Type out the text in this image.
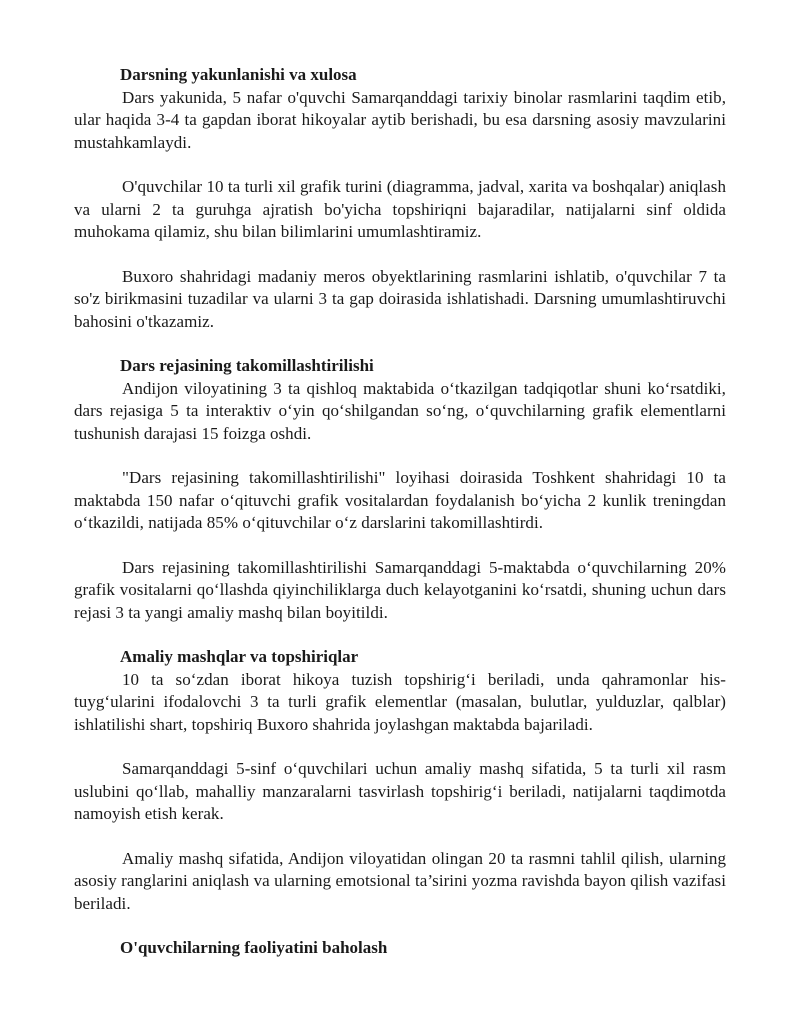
Darsning yakunlanishi va xulosa

Dars yakunida, 5 nafar o'quvchi Samarqanddagi tarixiy binolar rasmlarini taqdim etib, ular haqida 3-4 ta gapdan iborat hikoyalar aytib berishadi, bu esa darsning asosiy mavzularini mustahkamlaydi.

O'quvchilar 10 ta turli xil grafik turini (diagramma, jadval, xarita va boshqalar) aniqlash va ularni 2 ta guruhga ajratish bo'yicha topshiriqni bajaradilar, natijalarni sinf oldida muhokama qilamiz, shu bilan bilimlarini umumlashtiramiz.

Buxoro shahridagi madaniy meros obyektlarining rasmlarini ishlatib, o'quvchilar 7 ta so'z birikmasini tuzadilar va ularni 3 ta gap doirasida ishlatishadi. Darsning umumlashtiruvchi bahosini o'tkazamiz.

Dars rejasining takomillashtirilishi

Andijon viloyatining 3 ta qishloq maktabida oʻtkazilgan tadqiqotlar shuni koʻrsatdiki, dars rejasiga 5 ta interaktiv oʻyin qoʻshilgandan soʻng, oʻquvchilarning grafik elementlarni tushunish darajasi 15 foizga oshdi.

"Dars rejasining takomillashtirilishi" loyihasi doirasida Toshkent shahridagi 10 ta maktabda 150 nafar oʻqituvchi grafik vositalardan foydalanish boʻyicha 2 kunlik treningdan oʻtkazildi, natijada 85% oʻqituvchilar oʻz darslarini takomillashtirdi.

Dars rejasining takomillashtirilishi Samarqanddagi 5-maktabda oʻquvchilarning 20% grafik vositalarni qoʻllashda qiyinchiliklarga duch kelayotganini koʻrsatdi, shuning uchun dars rejasi 3 ta yangi amaliy mashq bilan boyitildi.

Amaliy mashqlar va topshiriqlar

10 ta soʻzdan iborat hikoya tuzish topshirigʻi beriladi, unda qahramonlar his-tuygʻularini ifodalovchi 3 ta turli grafik elementlar (masalan, bulutlar, yulduzlar, qalblar) ishlatilishi shart, topshiriq Buxoro shahrida joylashgan maktabda bajariladi.

Samarqanddagi 5-sinf oʻquvchilari uchun amaliy mashq sifatida, 5 ta turli xil rasm uslubini qoʻllab, mahalliy manzaralarni tasvirlash topshirigʻi beriladi, natijalarni taqdimotda namoyish etish kerak.

Amaliy mashq sifatida, Andijon viloyatidan olingan 20 ta rasmni tahlil qilish, ularning asosiy ranglarini aniqlash va ularning emotsional ta’sirini yozma ravishda bayon qilish vazifasi beriladi.

O'quvchilarning faoliyatini baholash
